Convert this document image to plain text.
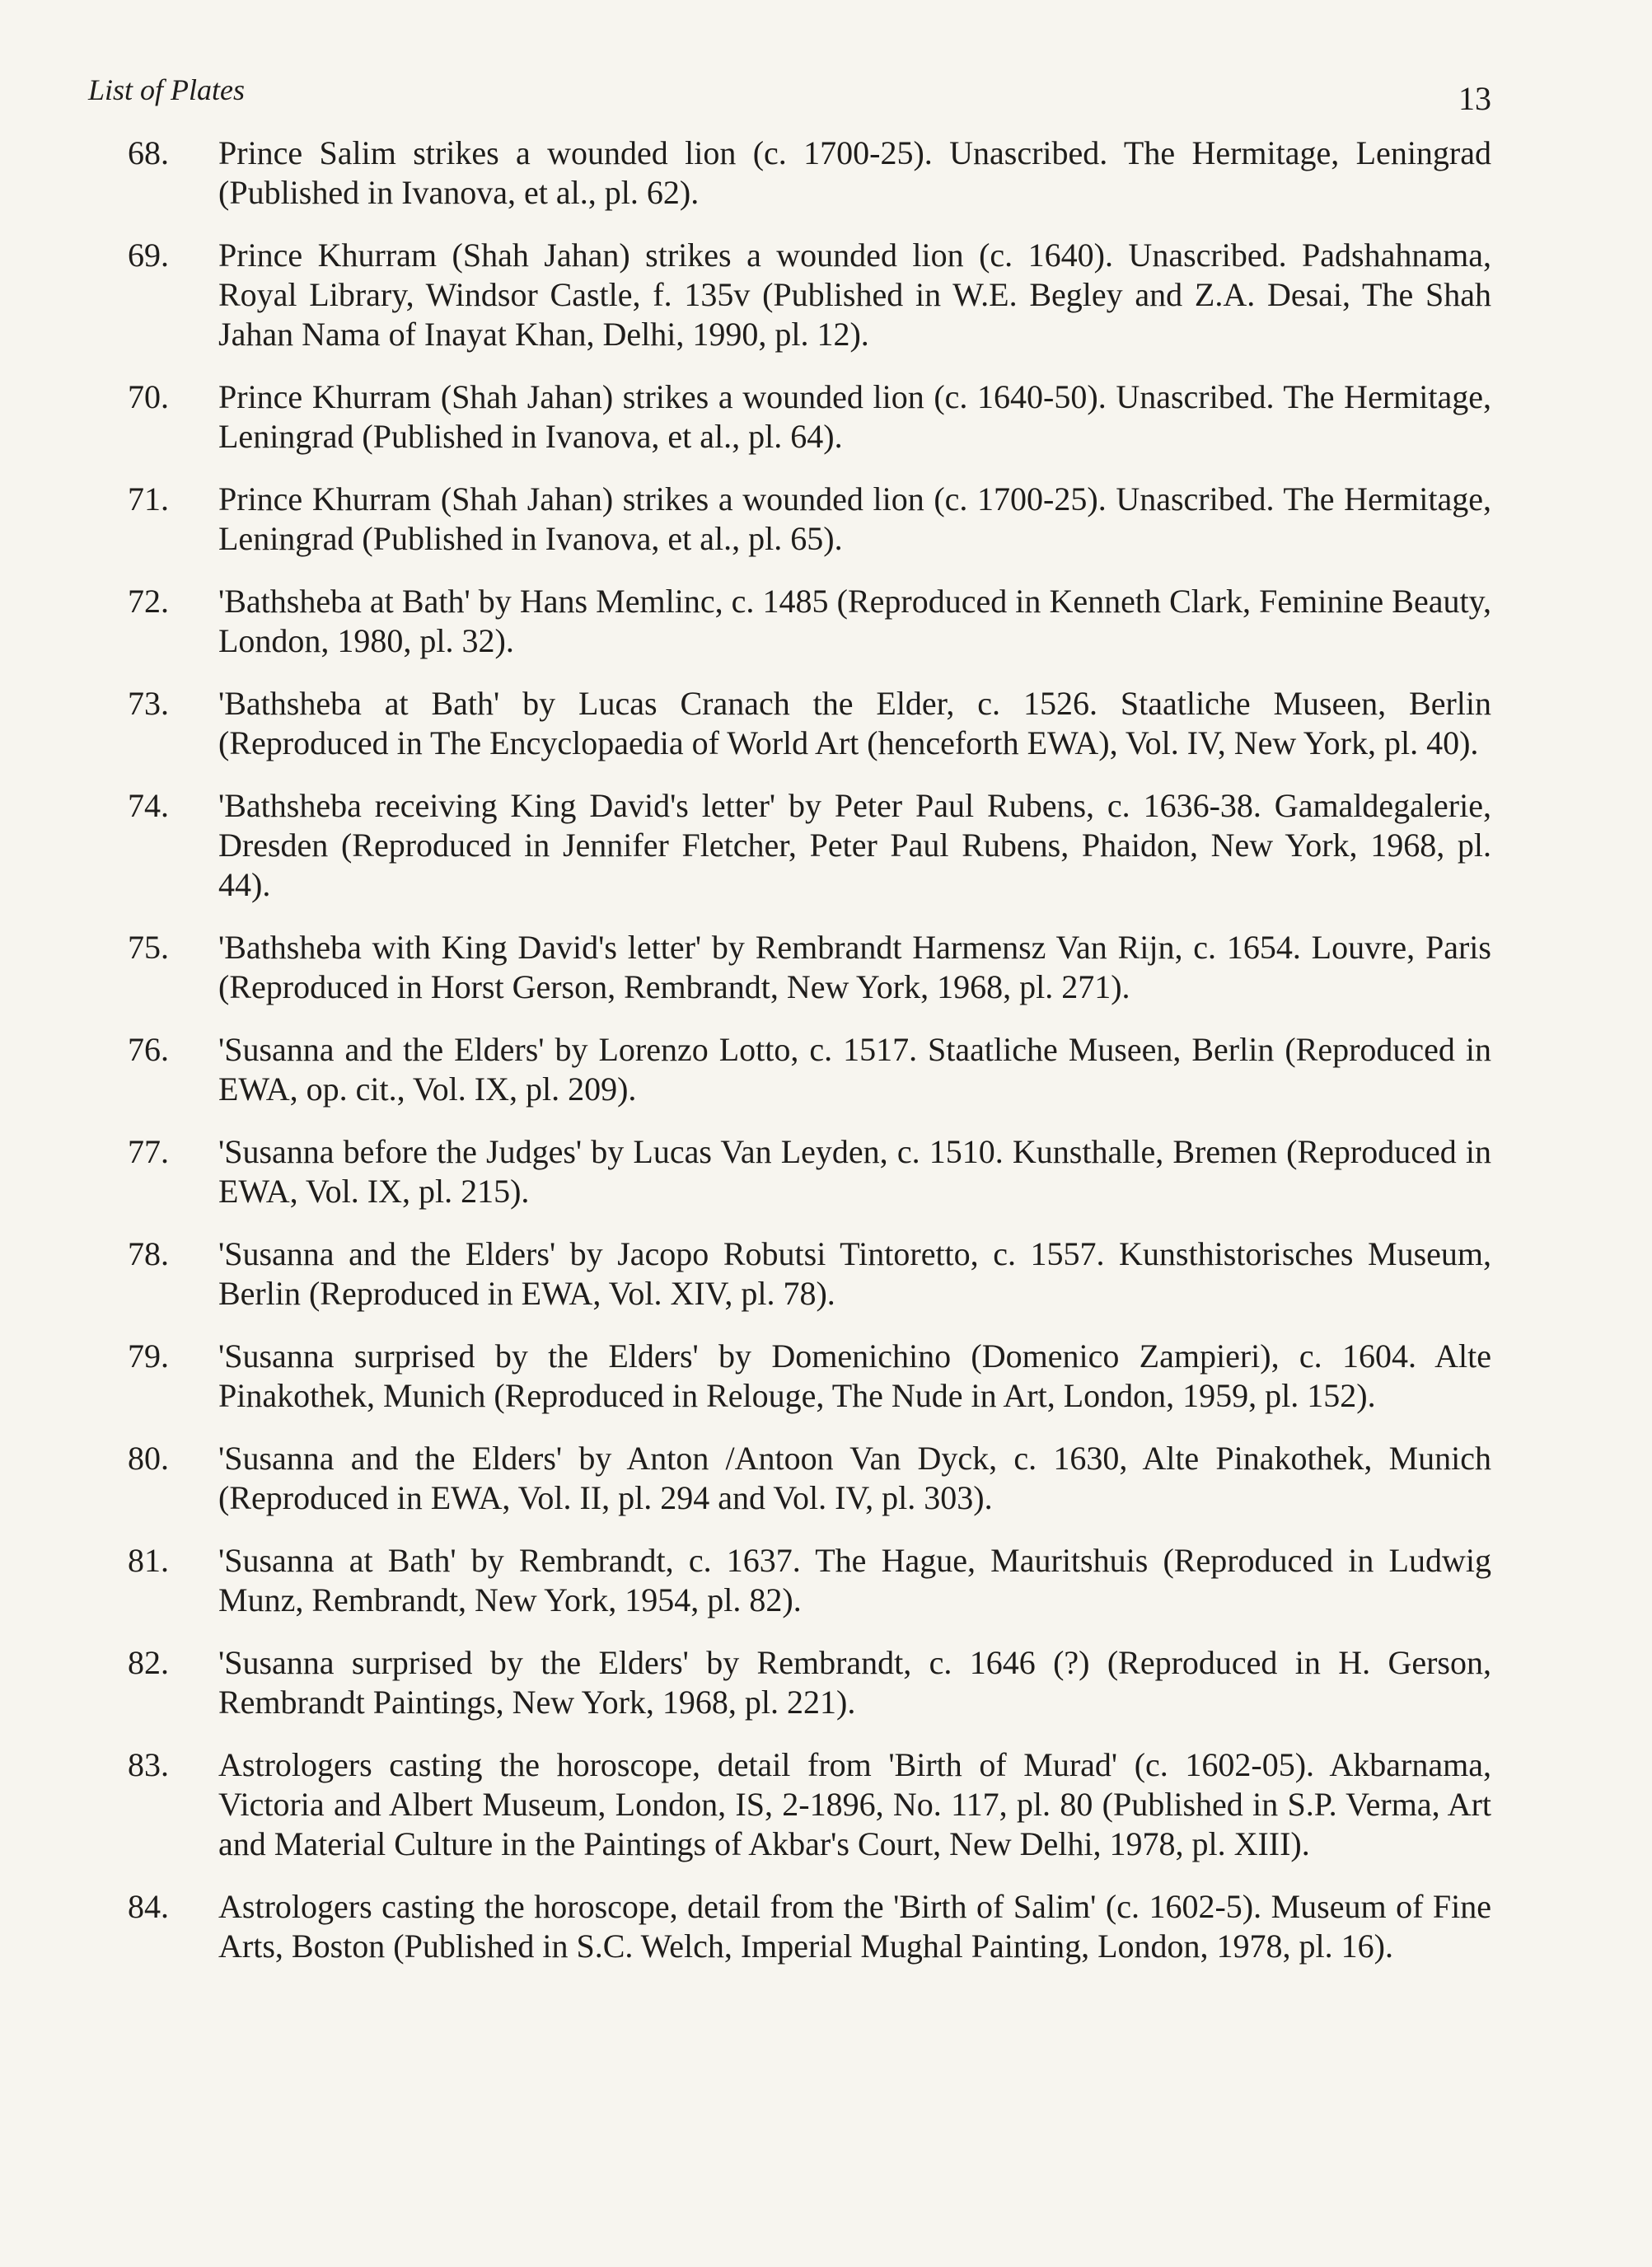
List of Plates	13
68.	Prince Salim strikes a wounded lion (c. 1700-25). Unascribed. The Hermitage, Leningrad (Published in Ivanova, et al., pl. 62).
69.	Prince Khurram (Shah Jahan) strikes a wounded lion (c. 1640). Unascribed. Padshahnama, Royal Library, Windsor Castle, f. 135v (Published in W.E. Begley and Z.A. Desai, The Shah Jahan Nama of Inayat Khan, Delhi, 1990, pl. 12).
70.	Prince Khurram (Shah Jahan) strikes a wounded lion (c. 1640-50). Unascribed. The Hermitage, Leningrad (Published in Ivanova, et al., pl. 64).
71.	Prince Khurram (Shah Jahan) strikes a wounded lion (c. 1700-25). Unascribed. The Hermitage, Leningrad (Published in Ivanova, et al., pl. 65).
72.	'Bathsheba at Bath' by Hans Memlinc, c. 1485 (Reproduced in Kenneth Clark, Feminine Beauty, London, 1980, pl. 32).
73.	'Bathsheba at Bath' by Lucas Cranach the Elder, c. 1526. Staatliche Museen, Berlin (Reproduced in The Encyclopaedia of World Art (henceforth EWA), Vol. IV, New York, pl. 40).
74.	'Bathsheba receiving King David's letter' by Peter Paul Rubens, c. 1636-38. Gamaldegalerie, Dresden (Reproduced in Jennifer Fletcher, Peter Paul Rubens, Phaidon, New York, 1968, pl. 44).
75.	'Bathsheba with King David's letter' by Rembrandt Harmensz Van Rijn, c. 1654. Louvre, Paris (Reproduced in Horst Gerson, Rembrandt, New York, 1968, pl. 271).
76.	'Susanna and the Elders' by Lorenzo Lotto, c. 1517. Staatliche Museen, Berlin (Reproduced in EWA, op. cit., Vol. IX, pl. 209).
77.	'Susanna before the Judges' by Lucas Van Leyden, c. 1510. Kunsthalle, Bremen (Reproduced in EWA, Vol. IX, pl. 215).
78.	'Susanna and the Elders' by Jacopo Robutsi Tintoretto, c. 1557. Kunsthistorisches Museum, Berlin (Reproduced in EWA, Vol. XIV, pl. 78).
79.	'Susanna surprised by the Elders' by Domenichino (Domenico Zampieri), c. 1604. Alte Pinakothek, Munich (Reproduced in Relouge, The Nude in Art, London, 1959, pl. 152).
80.	'Susanna and the Elders' by Anton /Antoon Van Dyck, c. 1630, Alte Pinakothek, Munich (Reproduced in EWA, Vol. II, pl. 294 and Vol. IV, pl. 303).
81.	'Susanna at Bath' by Rembrandt, c. 1637. The Hague, Mauritshuis (Reproduced in Ludwig Munz, Rembrandt, New York, 1954, pl. 82).
82.	'Susanna surprised by the Elders' by Rembrandt, c. 1646 (?) (Reproduced in H. Gerson, Rembrandt Paintings, New York, 1968, pl. 221).
83.	Astrologers casting the horoscope, detail from 'Birth of Murad' (c. 1602-05). Akbarnama, Victoria and Albert Museum, London, IS, 2-1896, No. 117, pl. 80 (Published in S.P. Verma, Art and Material Culture in the Paintings of Akbar's Court, New Delhi, 1978, pl. XIII).
84.	Astrologers casting the horoscope, detail from the 'Birth of Salim' (c. 1602-5). Museum of Fine Arts, Boston (Published in S.C. Welch, Imperial Mughal Painting, London, 1978, pl. 16).
